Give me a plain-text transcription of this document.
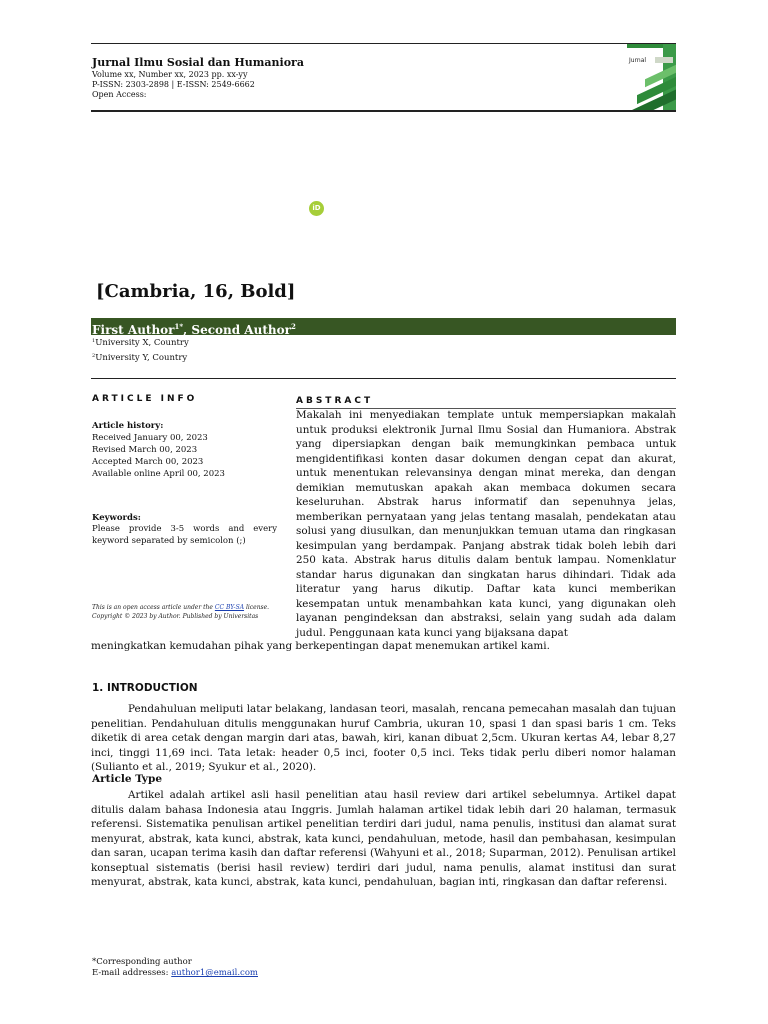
Jurnal Ilmu Sosial dan Humaniora
Volume xx, Number xx, 2023 pp. xx-yy
P-ISSN: 2303-2898 | E-ISSN: 2549-6662
Open Access:
Jurnal
iD
[Cambria, 16, Bold]
First Author$^{1*}$, Second Author$^2$
$^1$University X, Country
$^2$University Y, Country
ARTICLE INFO
Article history:
Received January 00, 2023
Revised March 00, 2023
Accepted March 00, 2023
Available online April 00, 2023
Keywords:
Please provide 3-5 words and every keyword separated by semicolon (;)
This is an open access article under the CC BY-SA license.
Copyright © 2023 by Author. Published by Universitas
ABSTRACT
Makalah ini menyediakan template untuk mempersiapkan makalah untuk produksi elektronik Jurnal Ilmu Sosial dan Humaniora. Abstrak yang dipersiapkan dengan baik memungkinkan pembaca untuk mengidentifikasi konten dasar dokumen dengan cepat dan akurat, untuk menentukan relevansinya dengan minat mereka, dan dengan demikian memutuskan apakah akan membaca dokumen secara keseluruhan. Abstrak harus informatif dan sepenuhnya jelas, memberikan pernyataan yang jelas tentang masalah, pendekatan atau solusi yang diusulkan, dan menunjukkan temuan utama dan ringkasan kesimpulan yang berdampak. Panjang abstrak tidak boleh lebih dari 250 kata. Abstrak harus ditulis dalam bentuk lampau. Nomenklatur standar harus digunakan dan singkatan harus dihindari. Tidak ada literatur yang harus dikutip. Daftar kata kunci memberikan kesempatan untuk menambahkan kata kunci, yang digunakan oleh layanan pengindeksan dan abstraksi, selain yang sudah ada dalam judul. Penggunaan kata kunci yang bijaksana dapat
meningkatkan kemudahan pihak yang berkepentingan dapat menemukan artikel kami.
1. INTRODUCTION
Pendahuluan meliputi latar belakang, landasan teori, masalah, rencana pemecahan masalah dan tujuan penelitian. Pendahuluan ditulis menggunakan huruf Cambria, ukuran 10, spasi 1 dan spasi baris 1 cm. Teks diketik di area cetak dengan margin dari atas, bawah, kiri, kanan dibuat 2,5cm. Ukuran kertas A4, lebar 8,27 inci, tinggi 11,69 inci. Tata letak: header 0,5 inci, footer 0,5 inci. Teks tidak perlu diberi nomor halaman (Sulianto et al., 2019; Syukur et al., 2020).
Article Type
Artikel adalah artikel asli hasil penelitian atau hasil review dari artikel sebelumnya. Artikel dapat ditulis dalam bahasa Indonesia atau Inggris. Jumlah halaman artikel tidak lebih dari 20 halaman, termasuk referensi. Sistematika penulisan artikel penelitian terdiri dari judul, nama penulis, institusi dan alamat surat menyurat, abstrak, kata kunci, abstrak, kata kunci, pendahuluan, metode, hasil dan pembahasan, kesimpulan dan saran, ucapan terima kasih dan daftar referensi (Wahyuni et al., 2018; Suparman, 2012). Penulisan artikel konseptual sistematis (berisi hasil review) terdiri dari judul, nama penulis, alamat institusi dan surat menyurat, abstrak, kata kunci, abstrak, kata kunci, pendahuluan, bagian inti, ringkasan dan daftar referensi.
*Corresponding author
E-mail addresses: author1@email.com
